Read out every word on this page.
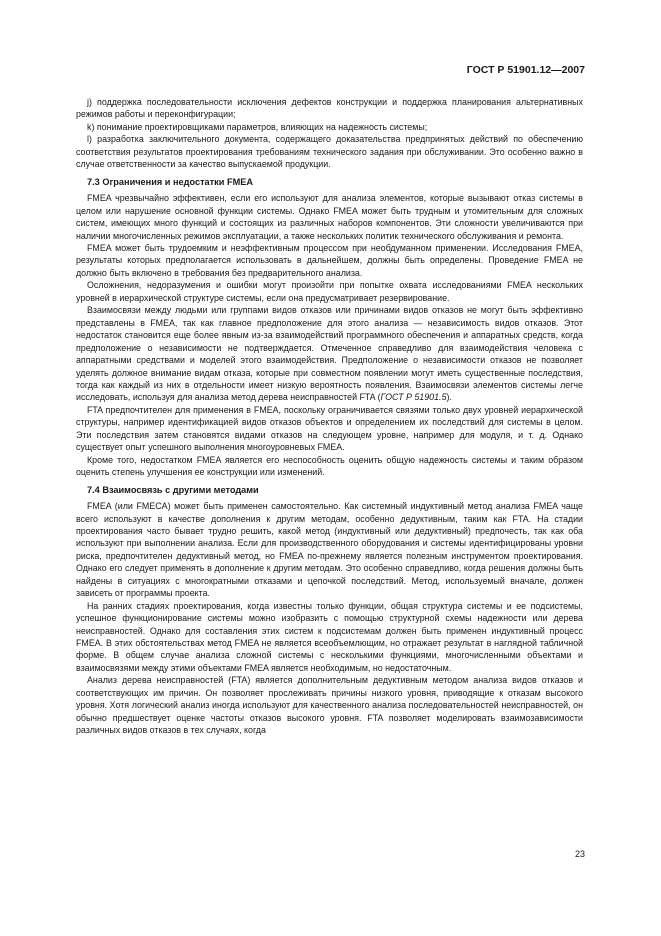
ГОСТ Р 51901.12—2007

j) поддержка последовательности исключения дефектов конструкции и поддержка планирования альтернативных режимов работы и переконфигурации;

k) понимание проектировщиками параметров, влияющих на надежность системы;

l) разработка заключительного документа, содержащего доказательства предпринятых действий по обеспечению соответствия результатов проектирования требованиям технического задания при обслуживании. Это особенно важно в случае ответственности за качество выпускаемой продукции.

7.3 Ограничения и недостатки FMEA

FMEA чрезвычайно эффективен, если его используют для анализа элементов, которые вызывают отказ системы в целом или нарушение основной функции системы. Однако FMEA может быть трудным и утомительным для сложных систем, имеющих много функций и состоящих из различных наборов компонентов. Эти сложности увеличиваются при наличии многочисленных режимов эксплуатации, а также нескольких политик технического обслуживания и ремонта.

FMEA может быть трудоемким и неэффективным процессом при необдуманном применении. Исследования FMEA, результаты которых предполагается использовать в дальнейшем, должны быть определены. Проведение FMEA не должно быть включено в требования без предварительного анализа.

Осложнения, недоразумения и ошибки могут произойти при попытке охвата исследованиями FMEA нескольких уровней в иерархической структуре системы, если она предусматривает резервирование.

Взаимосвязи между людьми или группами видов отказов или причинами видов отказов не могут быть эффективно представлены в FMEA, так как главное предположение для этого анализа — независимость видов отказов. Этот недостаток становится еще более явным из-за взаимодействий программного обеспечения и аппаратных средств, когда предположение о независимости не подтверждается. Отмеченное справедливо для взаимодействия человека с аппаратными средствами и моделей этого взаимодействия. Предположение о независимости отказов не позволяет уделять должное внимание видам отказа, которые при совместном появлении могут иметь существенные последствия, тогда как каждый из них в отдельности имеет низкую вероятность появления. Взаимосвязи элементов системы легче исследовать, используя для анализа метод дерева неисправностей FTA (ГОСТ Р 51901.5).

FTA предпочтителен для применения в FMEA, поскольку ограничивается связями только двух уровней иерархической структуры, например идентификацией видов отказов объектов и определением их последствий для системы в целом. Эти последствия затем становятся видами отказов на следующем уровне, например для модуля, и т. д. Однако существует опыт успешного выполнения многоуровневых FMEA.

Кроме того, недостатком FMEA является его неспособность оценить общую надежность системы и таким образом оценить степень улучшения ее конструкции или изменений.

7.4 Взаимосвязь с другими методами

FMEA (или FMECA) может быть применен самостоятельно. Как системный индуктивный метод анализа FMEA чаще всего используют в качестве дополнения к другим методам, особенно дедуктивным, таким как FTA. На стадии проектирования часто бывает трудно решить, какой метод (индуктивный или дедуктивный) предпочесть, так как оба используют при выполнении анализа. Если для производственного оборудования и системы идентифицированы уровни риска, предпочтителен дедуктивный метод, но FMEA по-прежнему является полезным инструментом проектирования. Однако его следует применять в дополнение к другим методам. Это особенно справедливо, когда решения должны быть найдены в ситуациях с многократными отказами и цепочкой последствий. Метод, используемый вначале, должен зависеть от программы проекта.

На ранних стадиях проектирования, когда известны только функции, общая структура системы и ее подсистемы, успешное функционирование системы можно изобразить с помощью структурной схемы надежности или дерева неисправностей. Однако для составления этих систем к подсистемам должен быть применен индуктивный процесс FMEA. В этих обстоятельствах метод FMEA не является всеобъемлющим, но отражает результат в наглядной табличной форме. В общем случае анализа сложной системы с несколькими функциями, многочисленными объектами и взаимосвязями между этими объектами FMEA является необходимым, но недостаточным.

Анализ дерева неисправностей (FTA) является дополнительным дедуктивным методом анализа видов отказов и соответствующих им причин. Он позволяет прослеживать причины низкого уровня, приводящие к отказам высокого уровня. Хотя логический анализ иногда используют для качественного анализа последовательностей неисправностей, он обычно предшествует оценке частоты отказов высокого уровня. FTA позволяет моделировать взаимозависимости различных видов отказов в тех случаях, когда

23
